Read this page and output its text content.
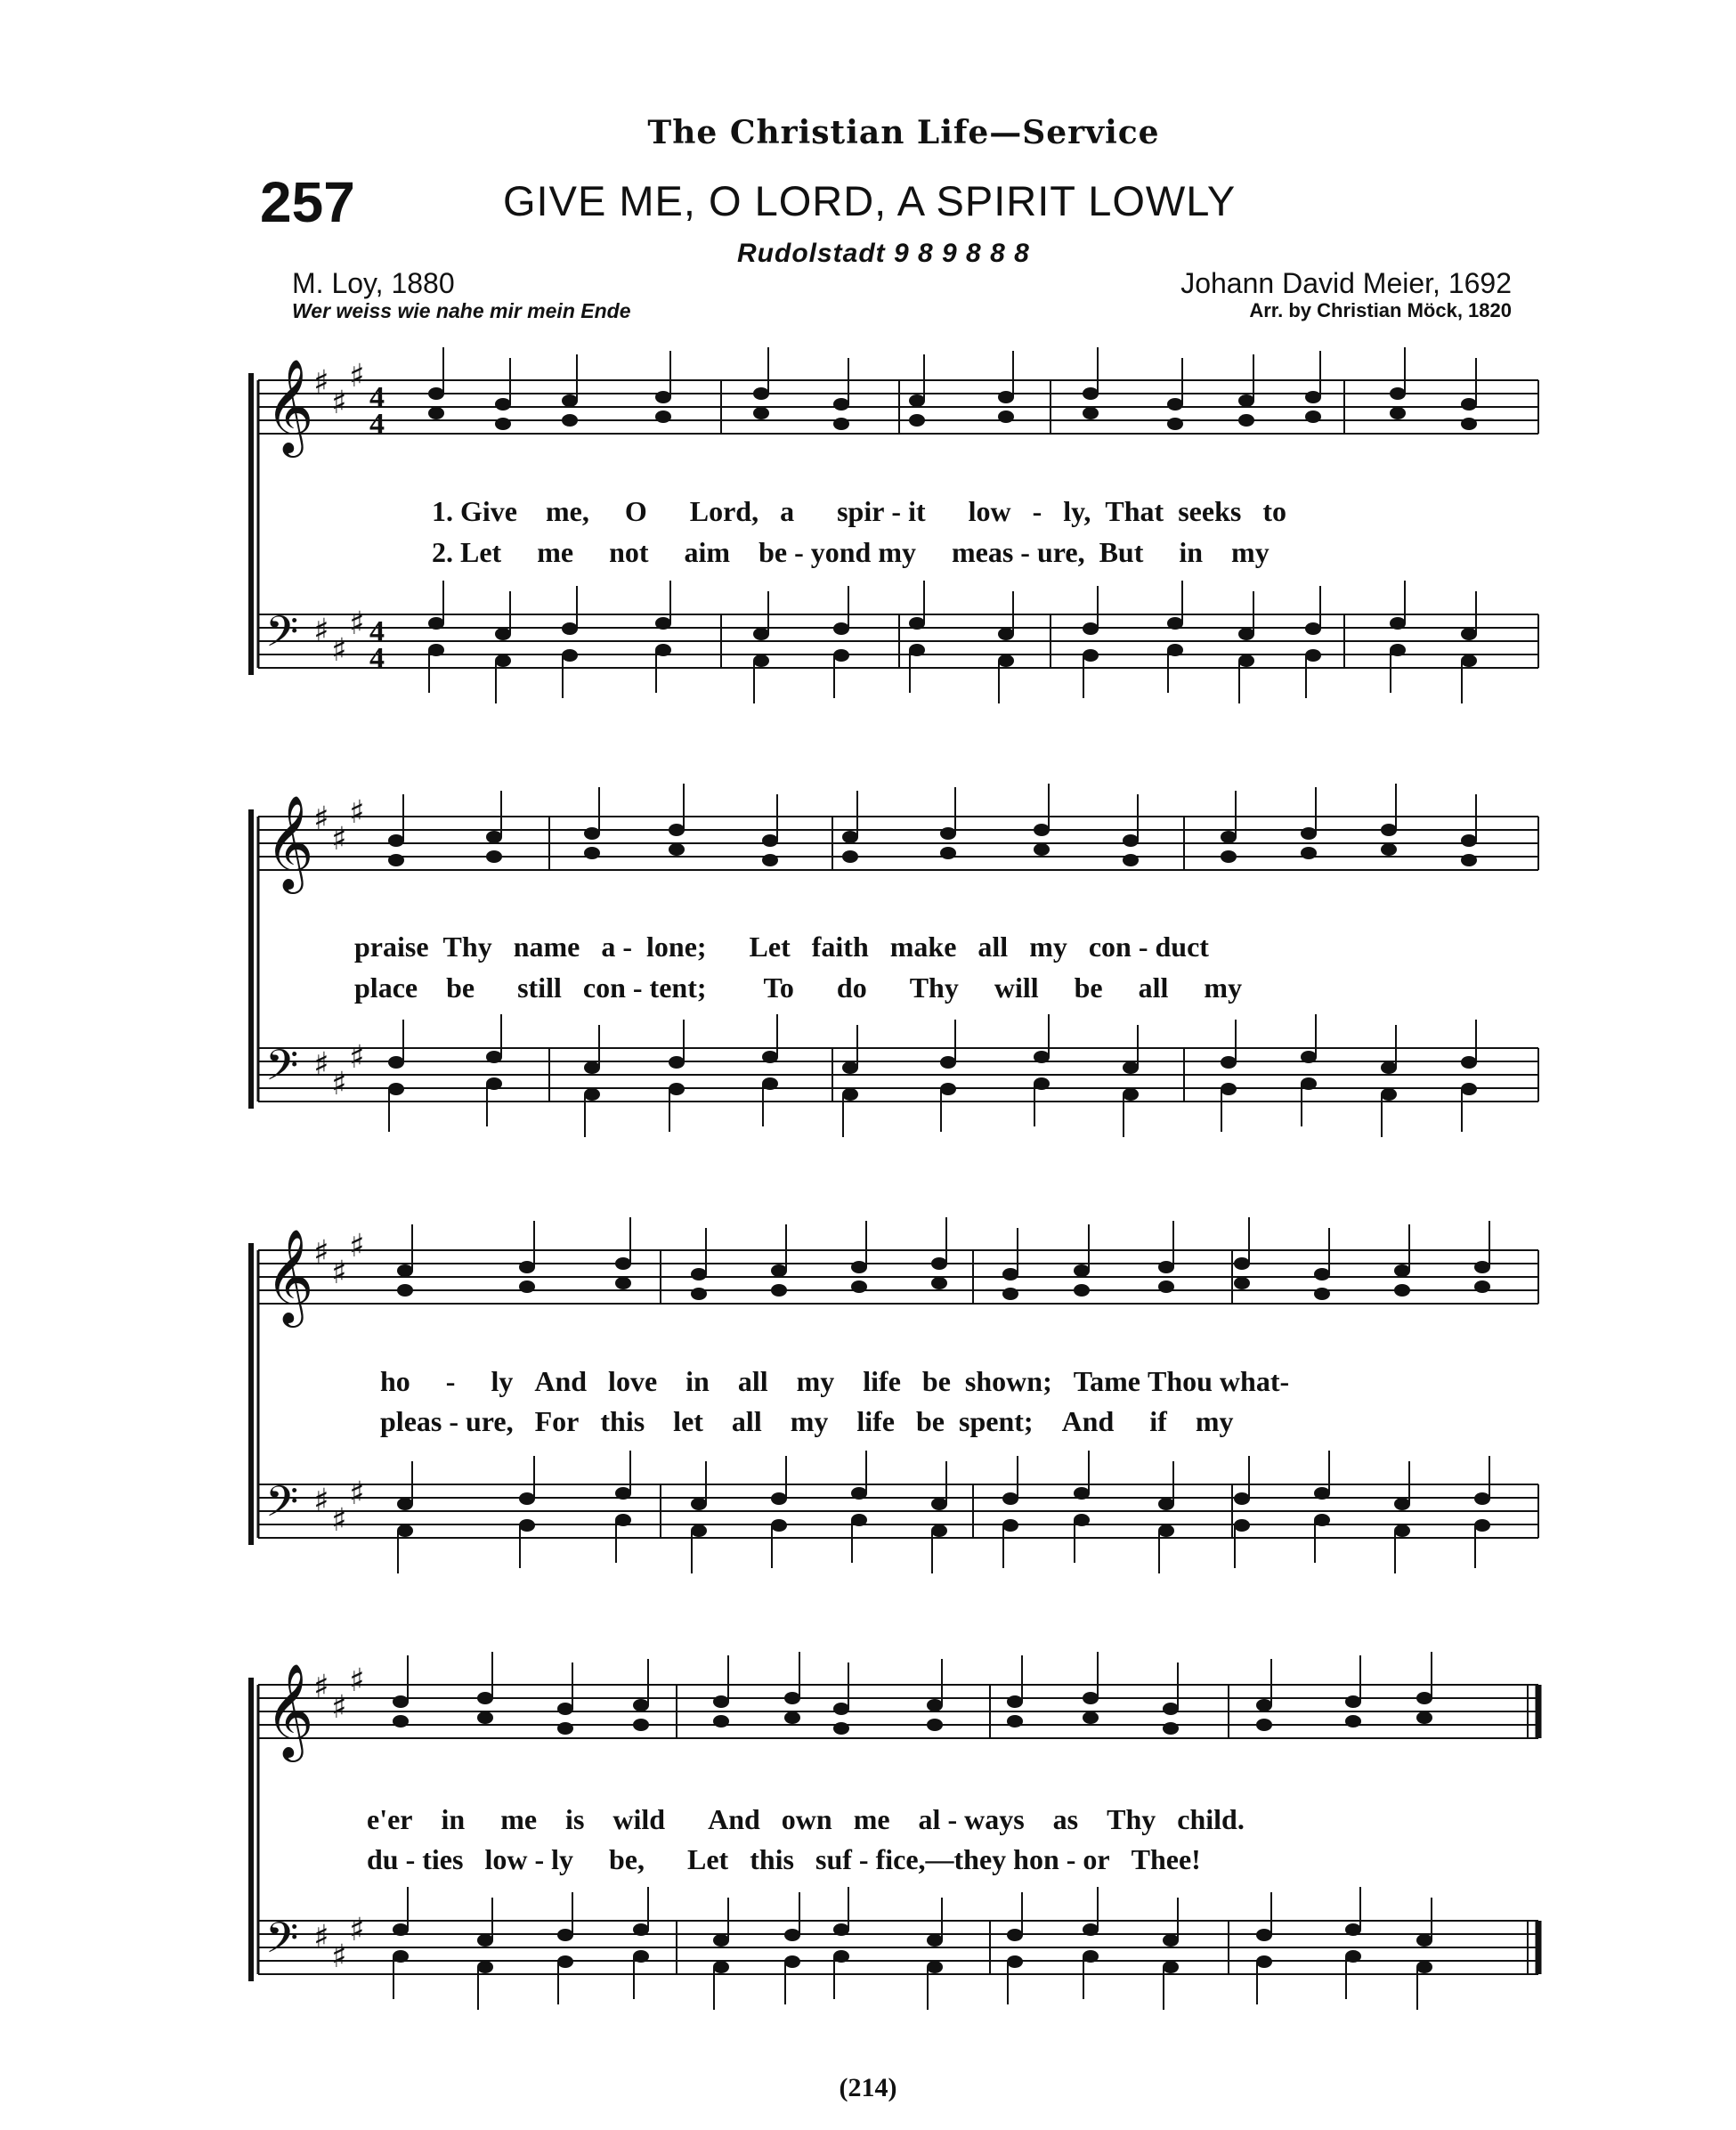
The Christian Life—Service
257	GIVE ME, O LORD, A SPIRIT LOWLY
Rudolstadt 9 8 9 8 8 8
M. Loy, 1880
Wer weiss wie nahe mir mein Ende
Johann David Meier, 1692
Arr. by Christian Möck, 1820
𝄞 ♯
♯
♯
4
4
𝄢 ♯
♯
♯ 4
4
𝄞 ♯
♯
♯
𝄢 ♯
♯
♯
𝄞 ♯
♯
♯
𝄢 ♯
♯
♯
𝄞 ♯
♯
♯
𝄢 ♯
♯
♯
1. Give me, O Lord, a spir - it low - ly, That seeks to
2. Let me not aim be - yond my meas - ure, But in my
praise Thy name a - lone; Let faith make all my con - duct
place be still con - tent; To do Thy will be all my
ho - ly And love in all my life be shown; Tame Thou what-
pleas - ure, For this let all my life be spent; And if my
e'er in me is wild And own me al - ways as Thy child.
du - ties low - ly be, Let this suf - fice,—they hon - or Thee!
(214)
